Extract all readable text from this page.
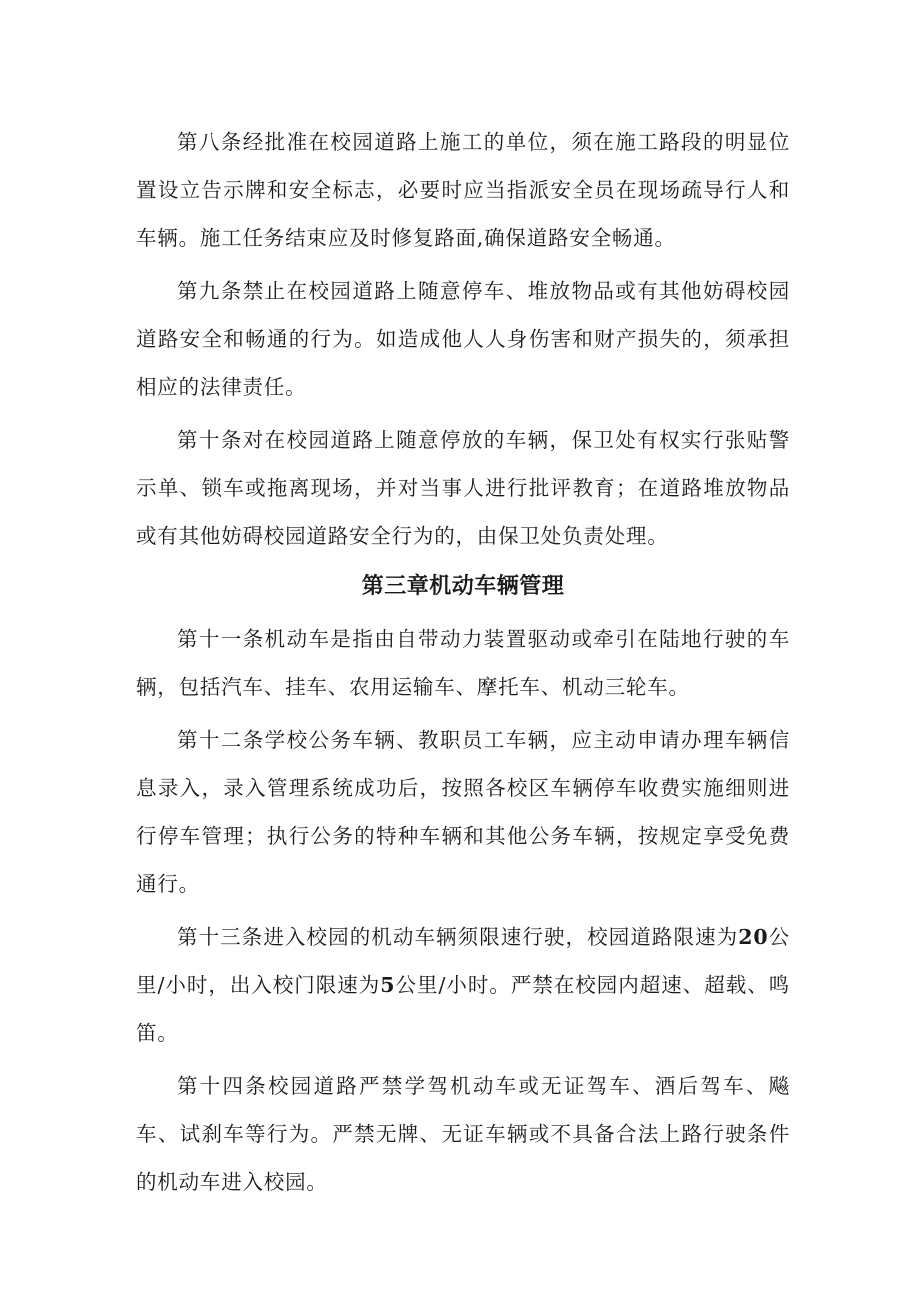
第八条经批准在校园道路上施工的单位，须在施工路段的明显位置设立告示牌和安全标志，必要时应当指派安全员在现场疏导行人和车辆。施工任务结束应及时修复路面,确保道路安全畅通。

第九条禁止在校园道路上随意停车、堆放物品或有其他妨碍校园道路安全和畅通的行为。如造成他人人身伤害和财产损失的，须承担相应的法律责任。

第十条对在校园道路上随意停放的车辆，保卫处有权实行张贴警示单、锁车或拖离现场，并对当事人进行批评教育；在道路堆放物品或有其他妨碍校园道路安全行为的，由保卫处负责处理。

第三章机动车辆管理

第十一条机动车是指由自带动力装置驱动或牵引在陆地行驶的车辆，包括汽车、挂车、农用运输车、摩托车、机动三轮车。

第十二条学校公务车辆、教职员工车辆，应主动申请办理车辆信息录入，录入管理系统成功后，按照各校区车辆停车收费实施细则进行停车管理；执行公务的特种车辆和其他公务车辆，按规定享受免费通行。

第十三条进入校园的机动车辆须限速行驶，校园道路限速为20公里/小时，出入校门限速为5公里/小时。严禁在校园内超速、超载、鸣笛。

第十四条校园道路严禁学驾机动车或无证驾车、酒后驾车、飚车、试刹车等行为。严禁无牌、无证车辆或不具备合法上路行驶条件的机动车进入校园。
